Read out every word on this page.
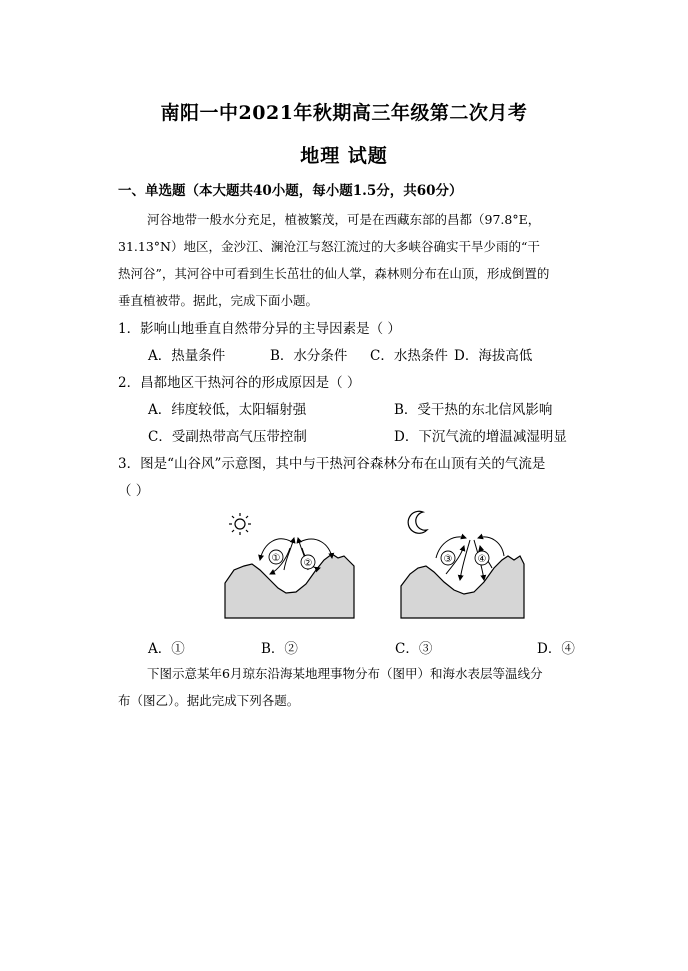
南阳一中2021年秋期高三年级第二次月考
地理 试题
一、单选题（本大题共40小题，每小题1.5分，共60分）
河谷地带一般水分充足，植被繁茂，可是在西藏东部的昌都（97.8°E，
31.13°N）地区，金沙江、澜沧江与怒江流过的大多峡谷确实干旱少雨的“干
热河谷”，其河谷中可看到生长茁壮的仙人掌，森林则分布在山顶，形成倒置的
垂直植被带。据此，完成下面小题。
1．影响山地垂直自然带分异的主导因素是（ ）
A．热量条件	B．水分条件 C．水热条件 D．海拔高低
2．昌都地区干热河谷的形成原因是（ ）
A．纬度较低，太阳辐射强	B．受干热的东北信风影响
C．受副热带高气压带控制	D．下沉气流的增温减湿明显
3．图是“山谷风”示意图，其中与干热河谷森林分布在山顶有关的气流是
（ ）
① ②	③	④
A．①	B．②	C．③	D．④
下图示意某年6月琼东沿海某地理事物分布（图甲）和海水表层等温线分
布（图乙）。据此完成下列各题。
